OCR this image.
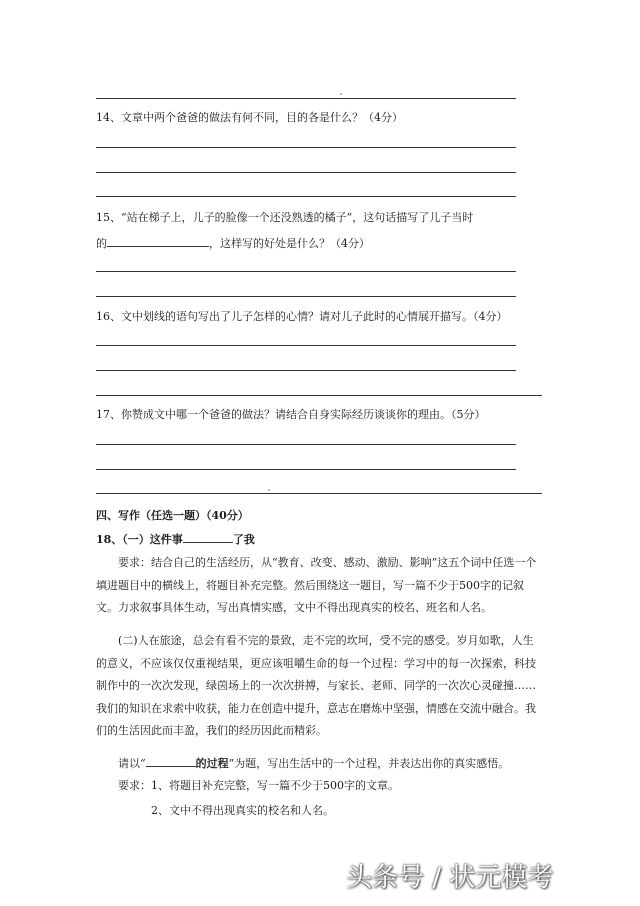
14、文章中两个爸爸的做法有何不同，目的各是什么？（4分）
15、“站在梯子上，儿子的脸像一个还没熟透的橘子”，这句话描写了儿子当时
的	，这样写的好处是什么？（4分）
16、文中划线的语句写出了儿子怎样的心情？请对儿子此时的心情展开描写。（4分）
17、你赞成文中哪一个爸爸的做法？请结合自身实际经历谈谈你的理由。（5分）
四、写作（任选一题）（40分）
18、（一）这件事	了我
要求：结合自己的生活经历，从“教育、改变、感动、激励、影响”这五个词中任选一个填进题目中的横线上，将题目补充完整。然后围绕这一题目，写一篇不少于500字的记叙文。力求叙事具体生动，写出真情实感，文中不得出现真实的校名、班名和人名。
(二)人在旅途，总会有看不完的景致，走不完的坎坷，受不完的感受。岁月如歌，人生的意义，不应该仅仅重视结果，更应该咀嚼生命的每一个过程：学习中的每一次探索，科技制作中的一次次发现，绿茵场上的一次次拼搏，与家长、老师、同学的一次次心灵碰撞……我们的知识在求索中收获，能力在创造中提升，意志在磨炼中坚强，情感在交流中融合。我们的生活因此而丰盈，我们的经历因此而精彩。
请以“	的过程”为题，写出生活中的一个过程，并表达出你的真实感悟。
要求：1、将题目补充完整，写一篇不少于500字的文章。
2、文中不得出现真实的校名和人名。
头条号 / 状元模考
